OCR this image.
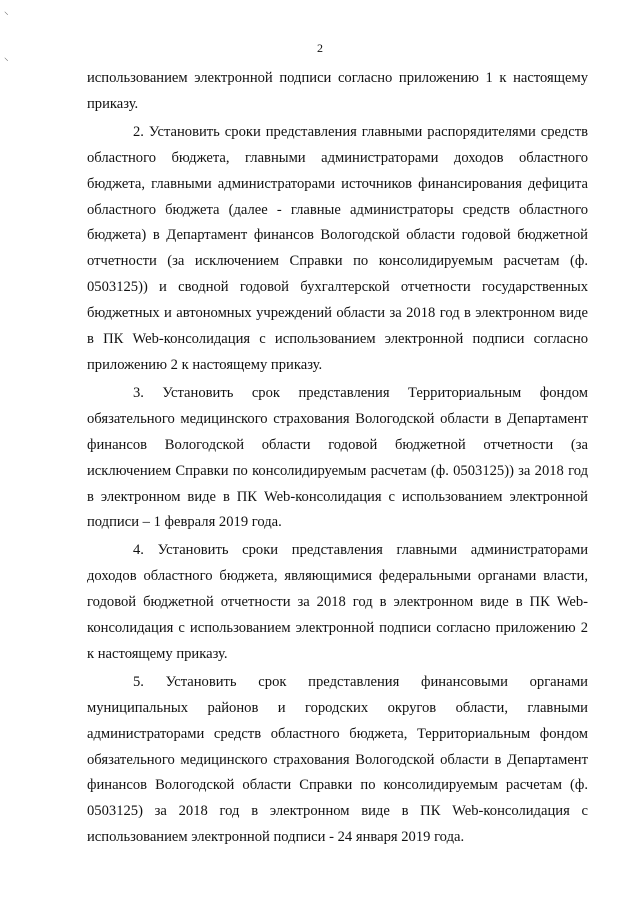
⸌
⸌
2

использованием электронной подписи согласно приложению 1 к настоящему приказу.

2. Установить сроки представления главными распорядителями средств областного бюджета, главными администраторами доходов областного бюджета, главными администраторами источников финансирования дефицита областного бюджета (далее - главные администраторы средств областного бюджета) в Департамент финансов Вологодской области годовой бюджетной отчетности (за исключением Справки по консолидируемым расчетам (ф. 0503125)) и сводной годовой бухгалтерской отчетности государственных бюджетных и автономных учреждений области за 2018 год в электронном виде в ПК Web-консолидация с использованием электронной подписи согласно приложению 2 к настоящему приказу.

3. Установить срок представления Территориальным фондом обязательного медицинского страхования Вологодской области в Департамент финансов Вологодской области годовой бюджетной отчетности (за исключением Справки по консолидируемым расчетам (ф. 0503125)) за 2018 год в электронном виде в ПК Web-консолидация с использованием электронной подписи – 1 февраля 2019 года.

4. Установить сроки представления главными администраторами доходов областного бюджета, являющимися федеральными органами власти, годовой бюджетной отчетности за 2018 год в электронном виде в ПК Web-консолидация с использованием электронной подписи согласно приложению 2 к настоящему приказу.

5. Установить срок представления финансовыми органами муниципальных районов и городских округов области, главными администраторами средств областного бюджета, Территориальным фондом обязательного медицинского страхования Вологодской области в Департамент финансов Вологодской области Справки по консолидируемым расчетам (ф. 0503125) за 2018 год в электронном виде в ПК Web-консолидация с использованием электронной подписи - 24 января 2019 года.
